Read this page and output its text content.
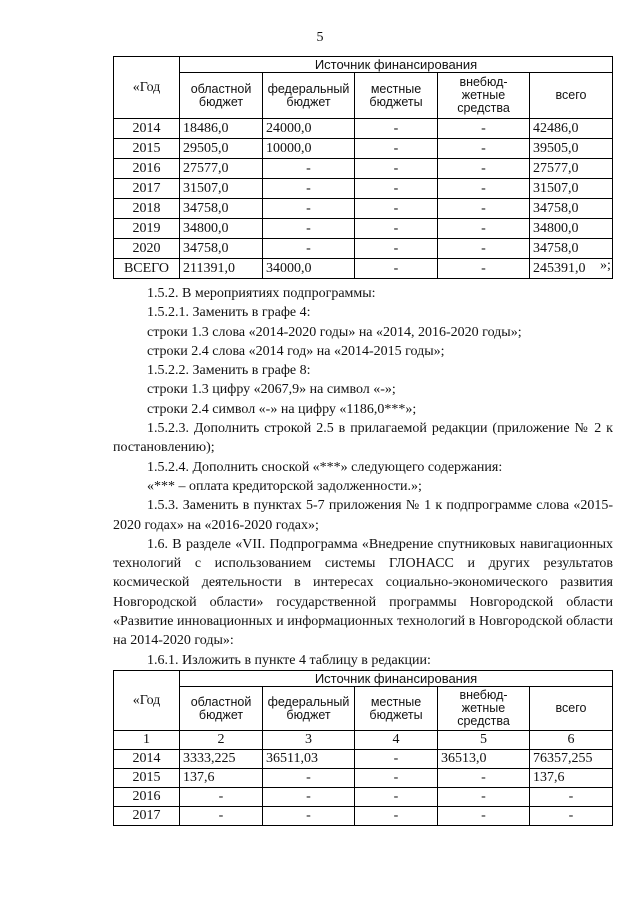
5
«Год	Источник финансирования				
	областной бюджет	федеральный бюджет	местные бюджеты	внебюд-жетные средства	всего
2014	18486,0	24000,0	-	-	42486,0
2015	29505,0	10000,0	-	-	39505,0
2016	27577,0	-	-	-	27577,0
2017	31507,0	-	-	-	31507,0
2018	34758,0	-	-	-	34758,0
2019	34800,0	-	-	-	34800,0
2020	34758,0	-	-	-	34758,0
ВСЕГО	211391,0	34000,0	-	-	245391,0 »;

1.5.2. В мероприятиях подпрограммы:

1.5.2.1. Заменить в графе 4:

строки 1.3 слова «2014-2020 годы» на «2014, 2016-2020 годы»;

строки 2.4 слова «2014 год» на «2014-2015 годы»;

1.5.2.2. Заменить в графе 8:

строки 1.3 цифру «2067,9» на символ «-»;

строки 2.4 символ «-» на цифру «1186,0***»;

1.5.2.3. Дополнить строкой 2.5 в прилагаемой редакции (приложение № 2 к постановлению);

1.5.2.4. Дополнить сноской «***» следующего содержания:

«*** – оплата кредиторской задолженности.»;

1.5.3. Заменить в пунктах 5-7 приложения № 1 к подпрограмме слова «2015-2020 годах» на «2016-2020 годах»;

1.6. В разделе «VII. Подпрограмма «Внедрение спутниковых навигационных технологий с использованием системы ГЛОНАСС и других результатов космической деятельности в интересах социально-экономического развития Новгородской области» государственной программы Новгородской области «Развитие инновационных и информационных технологий в Новгородской области на 2014-2020 годы»:

1.6.1. Изложить в пункте 4 таблицу в редакции:

«Год	Источник финансирования				
	областной бюджет	федеральный бюджет	местные бюджеты	внебюд-жетные средства	всего
1	2	3	4	5	6
2014	3333,225	36511,03	-	36513,0	76357,255
2015	137,6	-	-	-	137,6
2016	-	-	-	-	-
2017	-	-	-	-	-
